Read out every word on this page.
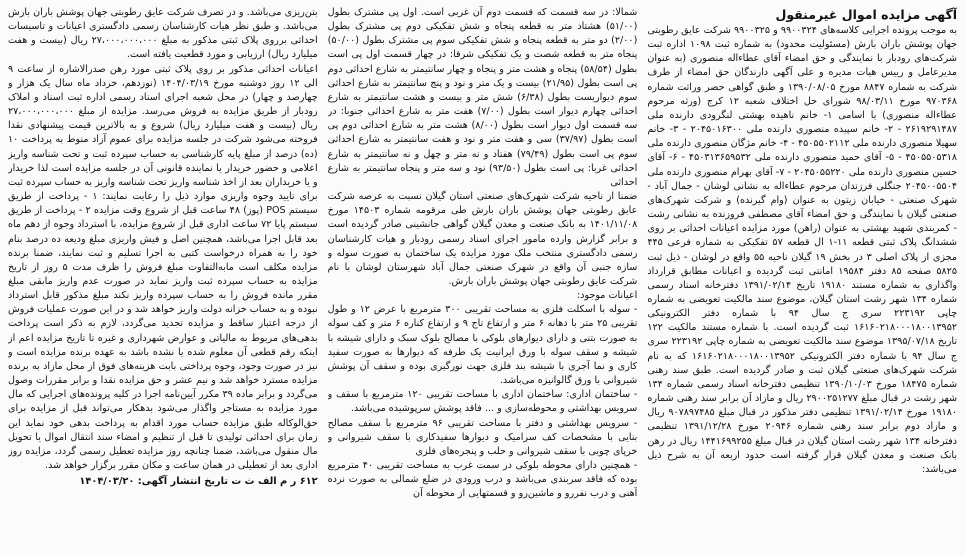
آگهی مزایده اموال غیرمنقول

به موجب پرونده اجرایی کلاسه‌های ۹۹۰۰۳۲۴ و ۹۹۰۰۳۲۵ شرکت عایق رطوبتی جهان پوشش باران بارش (مسئولیت محدود) به شماره ثبت ۱۰۹۸ اداره ثبت شرکت‌های رودبار با نمایندگی و حق امضاء آقای عطاءاله منصوری (به عنوان مدیرعامل و رییس هیات مدیره و علی آگهی دارندگان حق امضاء از طرف شرکت به شماره ۸۸۴۷ مورخ ۱۳۹۰/۰۸/۰۵ و طبق گواهی حصر وراثت شماره ۹۷۰۳۶۸ مورخ ۹۸/۰۳/۱۱ شورای حل اختلاف شعبه ۱۲ کرج (ورثه مرحوم عطاءاله منصوری) با اسامی ۱- خانم ناهیده بهشتی لنگرودی دارنده ملی ۲۶۱۹۲۹۱۴۸۷ - ۲- خانم سپیده منصوری دارنده ملی ۲۰۴۵۰۱۶۳۰۰ - ۳- خانم سهیلا منصوری دارنده ملی ۴۵۰۵۵۰۲۱۱۲ - ۴- خانم مژگان منصوری دارنده ملی ۴۵۰۵۵۰۵۳۱۸ - ۵- آقای حمید منصوری دارنده ملی ۴۵۰۳۱۳۶۵۹۵۳۲ - ۶- آقای حسین منصوری دارنده ملی ۲۰۴۵۰۵۵۲۲۰ - ۷- آقای بهرام منصوری دارنده ملی ۲۰۴۵۰۰۵۵۰۴ جنگلی فرزندان مرحوم عطاءاله به نشانی لوشان - جمال آباد - شهرک صنعتی - خیابان زیتون به عنوان (وام گیرنده) و شرکت شهرک‌های صنعتی گیلان با نمایندگی و حق امضاء آقای مصطفی فروزنده به نشانی رشت - کمربندی شهید بهشتی به عنوان (راهن) مورد مزایده اعیانات احداثی بر روی ششدانگ پلاک ثبتی قطعه ۱۱-۱ ال قطعه ۵۷ تفکیکی به شماره فرعی ۴۴۵ مجزی از پلاک اصلی ۳ در بخش ۱۹ گیلان ناحیه ۵۵ واقع در لوشان - ذیل ثبت ۵۸۲۵ صفحه ۸۵ دفتر ۱۹۵۸۴ امانتی ثبت گردیده و اعیانات مطابق قرارداد واگذاری به شماره مستند ۱۹۱۸۰ تاریخ ۱۳۹۱/۰۲/۱۴ دفترخانه اسناد رسمی شماره ۱۳۴ شهر رشت استان گیلان، موضوع سند مالکیت تعویضی به شماره چاپی ۲۲۳۱۹۲ سری ج سال ۹۴ با شماره دفتر الکترونیکی ۱۶۱۶۰۲۱۸۰۰۰۱۸۰۰۱۳۹۵۲ ثبت گردیده است. با شماره مستند مالکیت ۱۲۲ تاریخ ۱۳۹۵/۰۷/۱۸ موضوع سند مالکیت تعویضی به شماره چاپی ۲۲۳۱۹۲ سری ج سال ۹۴ با شماره دفتر الکترونیکی ۱۶۱۶۰۲۱۸۰۰۰۱۸۰۰۱۳۹۵۲ که به نام شرکت شهرک‌های صنعتی گیلان ثبت و صادر گردیده است. طبق سند رهنی شماره ۱۸۴۷۵ مورخ ۱۳۹۰/۱۰/۰۳ تنظیمی دفترخانه اسناد رسمی شماره ۱۳۴ شهر رشت در قبال مبلغ ۲۹۰۰۲۵۱۲۷۷ ریال و مازاد آن برابر سند رهنی شماره ۱۹۱۸۰ مورخ ۱۳۹۱/۰۲/۱۴ تنظیمی دفتر مذکور در قبال مبلغ ۹۰۷۸۹۷۴۸۵ ریال و مازاد دوم برابر سند رهنی شماره ۲۰۹۴۶ مورخ ۱۳۹۱/۱۲/۲۸ تنظیمی دفترخانه ۱۳۴ شهر رشت استان گیلان در قبال مبلغ ۱۴۴۱۶۹۹۲۵۵ ریال در رهن بانک صنعت و معدن گیلان قرار گرفته است حدود اربعه آن به شرح ذیل می‌باشد:

شمالا: در سه قسمت که قسمت دوم آن غربی است. اول پی مشترک بطول (۵۱/۰۰) هشتاد متر به قطعه پنجاه و شش تفکیکی دوم پی مشترک بطول (۲/۰۰) دو متر به قطعه پنجاه و شش تفکیکی سوم پی مشترک بطول (۵۰/۰۰) پنجاه متر به قطعه شصت و یک تفکیکی شرقا: در چهار قسمت اول پی است بطول (۵۸/۵۴) پنجاه و هشت متر و پنجاه و چهار سانتیمتر به شارع احداثی دوم پی است بطول (۲۱/۹۵) بیست و یک متر و نود و پنج سانتیمتر به شارع احداثی سوم دیواریست بطول (۶/۳۸) شش متر و بیست و هشت سانتیمتر به شارع احداثی چهارم دیوار است بطول (۷/۰۰) هفت متر به شارع احداثی جنوبا: در سه قسمت اول دیوار است بطول (۸/۰۰) هشت متر به شارع احداثی دوم پی است بطول (۳۷/۹۷) سی و هفت متر و نود و هفت سانتیمتر به شارع احداثی سوم پی است بطول (۷۹/۴۹) هفتاد و نه متر و چهل و نه سانتیمتر به شارع احداثی غربا: پی است بطول (۹۳/۵۰) نود و سه متر و پنجاه سانتیمتر به شارع احداثی
ضمنا از ناحیه شرکت شهرک‌های صنعتی استان گیلان نسبت به عرصه شرکت عایق رطوبتی جهان پوشش باران بارش طی مرقومه شماره ۱۴۵۰۳ مورخ ۱۴۰۱/۱۱/۰۸ به بانک صنعت و معدن گیلان گواهی جانشینی صادر گردیده است و برابر گزارش وارده مامور اجرای اسناد رسمی رودبار و هیات کارشناسان رسمی دادگستری منتخب ملک مورد مزایده یک ساختمان به صورت سوله و سازه جنبی آن واقع در شهرک صنعتی جمال آباد شهرستان لوشان با نام شرکت عایق رطوبتی جهان پوشش باران بارش.
اعیانات موجود:
- سوله با اسکلت فلزی به مساحت تقریبی ۳۰۰ مترمربع با عرض ۱۲ و طول تقریبی ۲۵ متر با دهانه ۶ متر و ارتفاع تاج ۹ و ارتفاع کناره ۶ متر و کف سوله به صورت بتنی و دارای دیوارهای بلوکی با مصالح بلوک سبک و دارای شیشه با شیشه و سقف سوله با ورق ایرانیت یک طرفه که دیوارها به صورت سفید کاری و نما آجری با شیشه بند فلزی جهت نورگیری بوده و سقف آن پوشش شیروانی با ورق گالوانیزه می‌باشد.
- ساختمان اداری: ساختمان اداری با مساحت تقریبی ۱۲۰ مترمربع با سقف و سرویس بهداشتی و محوطه‌سازی و ... فاقد پوشش سرپوشیده می‌باشد.
- سرویس بهداشتی و دفتر با مساحت تقریبی ۹۶ مترمربع با سقف مصالح بنایی با مشخصات کف سرامیک و دیوارها سفیدکاری با سقف شیروانی و خرپای چوبی با سقف شیروانی و حلب و پنجره‌های فلزی
- همچنین دارای محوطه بلوکی در سمت غرب به مساحت تقریبی ۴۰ مترمربع بوده که فاقد سربندی می‌باشد و درب ورودی در ضلع شمالی به صورت نرده آهنی و درب نفررو و ماشین‌رو و قسمتهایی از محوطه آن

بتن‌ریزی می‌باشد. و در تصرف شرکت عایق رطوبتی جهان پوشش باران بارش می‌باشد. و طبق نظر هیات کارشناسان رسمی دادگستری اعیانات و تاسیسات احداثی برروی پلاک ثبتی مذکور به مبلغ ۲۷،۰۰۰،۰۰۰،۰۰۰ ریال (بیست و هفت میلیارد ریال) ارزیابی و مورد قطعیت یافته است.
اعیانات احداثی مذکور بر روی پلاک ثبتی مورد رهن صدرالاشاره از ساعت ۹ الی ۱۲ روز دوشنبه مورخ ۱۴۰۴/۰۳/۱۹ (نوزدهم، خرداد ماه سال یک هزار و چهارصد و چهار) در محل شعبه اجرای اسناد رسمی اداره ثبت اسناد و املاک رودبار از طریق مزایده به فروش می‌رسد. مزایده از مبلغ ۲۷،۰۰۰،۰۰۰،۰۰۰ ریال (بیست و هفت میلیارد ریال) شروع و به بالاترین قیمت پیشنهادی نقدا فروخته می‌شود شرکت در جلسه مزایده برای عموم آزاد منوط به پرداخت ۱۰ (ده) درصد از مبلغ پایه کارشناسی به حساب سپرده ثبت و تحت شناسه واریز اعلامی و حضور خریدار یا نماینده قانونی آن در جلسه مزایده است لذا خریدار و یا خریداران بعد از اخذ شناسه واریز تحت شناسه واریز به حساب سپرده ثبت برای تایید وجوه واریزی موارد ذیل را رعایت نمایند: ۱ - پرداخت از طریق سیستم POS (پوز) ۴۸ ساعت قبل از شروع وقت مزایده ۲ - پرداخت از طریق سیستم پایا ۷۲ ساعت اداری قبل از شروع مزایده، با استرداد وجوه از دهم ماه بعد قابل اجرا می‌باشد، همچنین اصل و فیش واریزی مبلغ ودیعه ده درصد بنام خود را به همراه درخواست کتبی به اجرا تسلیم و ثبت نمایند، ضمنا برنده مزایده مکلف است مابه‌التفاوت مبلغ فروش را ظرف مدت ۵ روز از تاریخ مزایده به حساب سپرده ثبت واریز نماید در صورت عدم واریز مابقی مبلغ مقرر مانده فروش را به حساب سپرده واریز نکند مبلغ مذکور قابل استرداد نبوده و به حساب خزانه دولت واریز خواهد شد و در این صورت عملیات فروش از درجه اعتبار ساقط و مزایده تجدید می‌گردد، لازم به ذکر است پرداخت بدهی‌های مربوط به مالیاتی و عوارض شهرداری و غیره تا تاریخ مزایده اعم از اینکه رقم قطعی آن معلوم شده یا نشده باشد به عهده برنده مزایده است و نیز در صورت وجود، وجوه پرداختی بابت هزینه‌های فوق از محل مازاد به برنده مزایده مسترد خواهد شد و نیم عشر و حق مزایده نقدا و برابر مقررات وصول می‌گردد و برابر ماده ۳۹ مکرر آیین‌نامه اجرا در کلیه پرونده‌های اجرایی که مال مورد مزایده به مستاجر واگذار می‌شود بدهکار می‌تواند قبل از مزایده برای حق‌الوکاله طبق مزایده حساب مورد اقدام به پرداخت بدهی خود نماید این زمان برای احداثی تولیدی تا قبل از تنظیم و امضاء سند انتقال اموال یا تحویل مال منقول می‌باشد، ضمنا چنانچه روز مزایده تعطیل رسمی گردد، مزایده روز اداری بعد از تعطیلی در همان ساعت و مکان مقرر برگزار خواهد شد.

۶۱۲ ر م الف ث ت تاریخ انتشار آگهی: ۱۴۰۴/۰۳/۲۰
